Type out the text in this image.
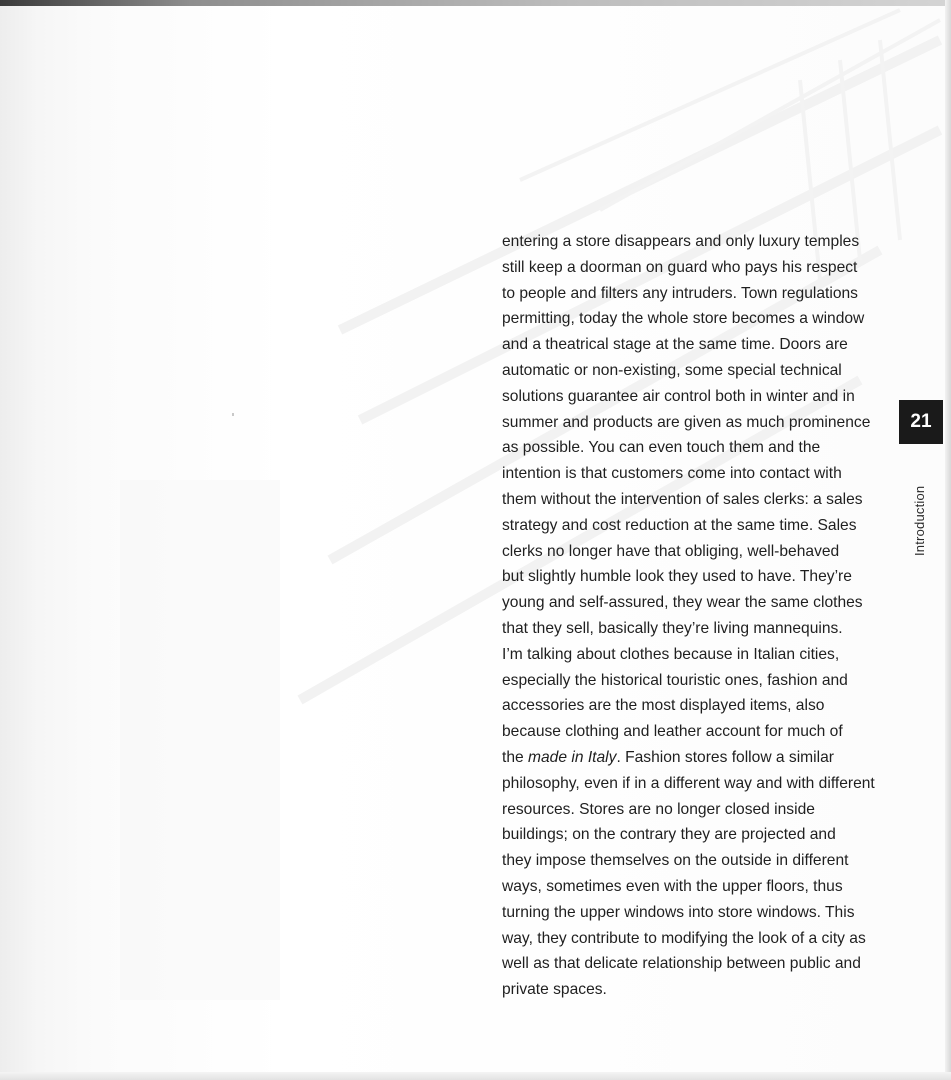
entering a store disappears and only luxury temples
still keep a doorman on guard who pays his respect
to people and filters any intruders. Town regulations
permitting, today the whole store becomes a window
and a theatrical stage at the same time. Doors are
automatic or non-existing, some special technical
solutions guarantee air control both in winter and in
summer and products are given as much prominence
as possible. You can even touch them and the
intention is that customers come into contact with
them without the intervention of sales clerks: a sales
strategy and cost reduction at the same time. Sales
clerks no longer have that obliging, well-behaved
but slightly humble look they used to have. They’re
young and self-assured, they wear the same clothes
that they sell, basically they’re living mannequins.
I’m talking about clothes because in Italian cities,
especially the historical touristic ones, fashion and
accessories are the most displayed items, also
because clothing and leather account for much of
the made in Italy. Fashion stores follow a similar
philosophy, even if in a different way and with different
resources. Stores are no longer closed inside
buildings; on the contrary they are projected and
they impose themselves on the outside in different
ways, sometimes even with the upper floors, thus
turning the upper windows into store windows. This
way, they contribute to modifying the look of a city as
well as that delicate relationship between public and
private spaces.

21
Introduction
